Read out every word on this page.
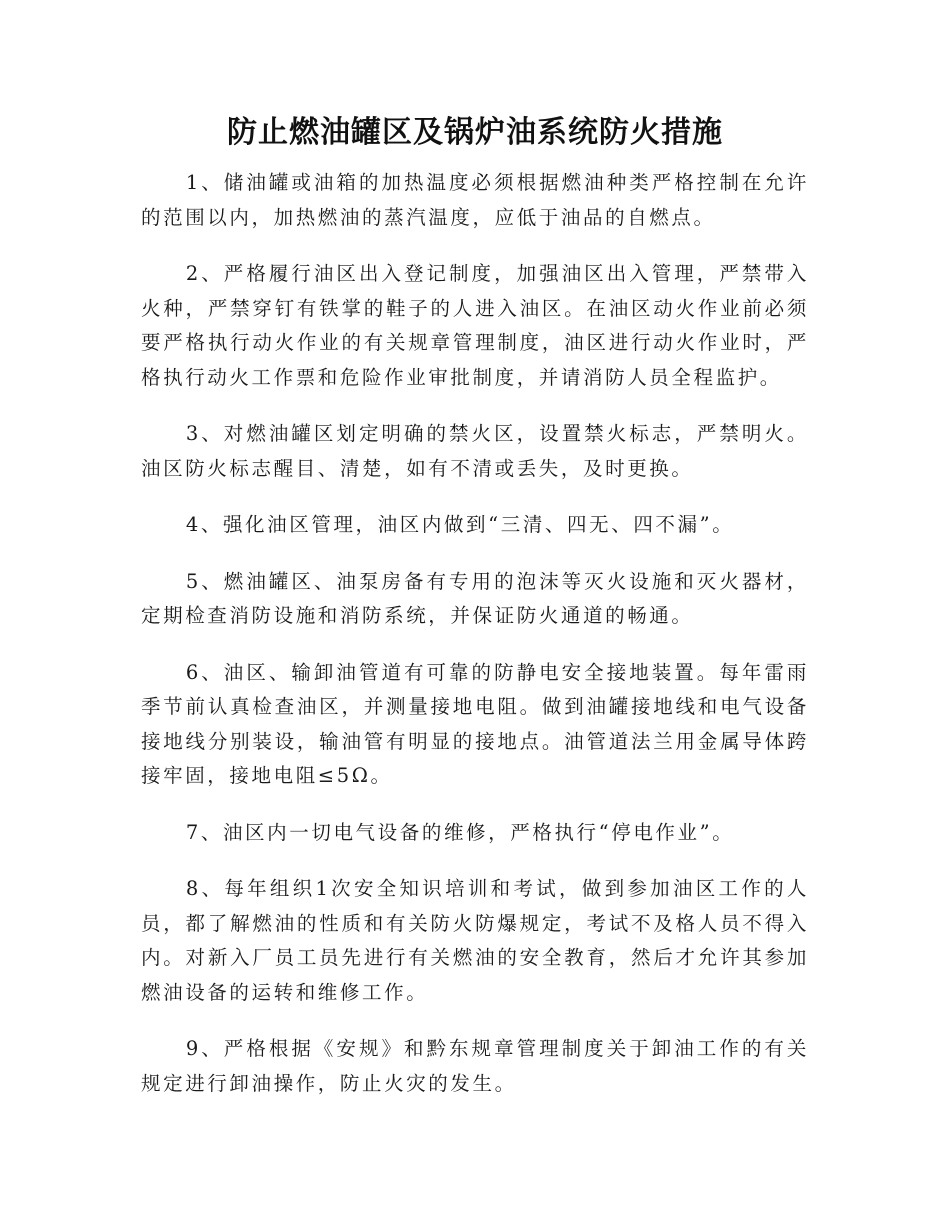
防止燃油罐区及锅炉油系统防火措施

1、储油罐或油箱的加热温度必须根据燃油种类严格控制在允许的范围以内，加热燃油的蒸汽温度，应低于油品的自燃点。

2、严格履行油区出入登记制度，加强油区出入管理，严禁带入火种，严禁穿钉有铁掌的鞋子的人进入油区。在油区动火作业前必须要严格执行动火作业的有关规章管理制度，油区进行动火作业时，严格执行动火工作票和危险作业审批制度，并请消防人员全程监护。

3、对燃油罐区划定明确的禁火区，设置禁火标志，严禁明火。油区防火标志醒目、清楚，如有不清或丢失，及时更换。

4、强化油区管理，油区内做到“三清、四无、四不漏”。

5、燃油罐区、油泵房备有专用的泡沫等灭火设施和灭火器材，定期检查消防设施和消防系统，并保证防火通道的畅通。

6、油区、输卸油管道有可靠的防静电安全接地装置。每年雷雨季节前认真检查油区，并测量接地电阻。做到油罐接地线和电气设备接地线分别装设，输油管有明显的接地点。油管道法兰用金属导体跨接牢固，接地电阻≤5Ω。

7、油区内一切电气设备的维修，严格执行“停电作业”。

8、每年组织1次安全知识培训和考试，做到参加油区工作的人员，都了解燃油的性质和有关防火防爆规定，考试不及格人员不得入内。对新入厂员工员先进行有关燃油的安全教育，然后才允许其参加燃油设备的运转和维修工作。

9、严格根据《安规》和黔东规章管理制度关于卸油工作的有关规定进行卸油操作，防止火灾的发生。
